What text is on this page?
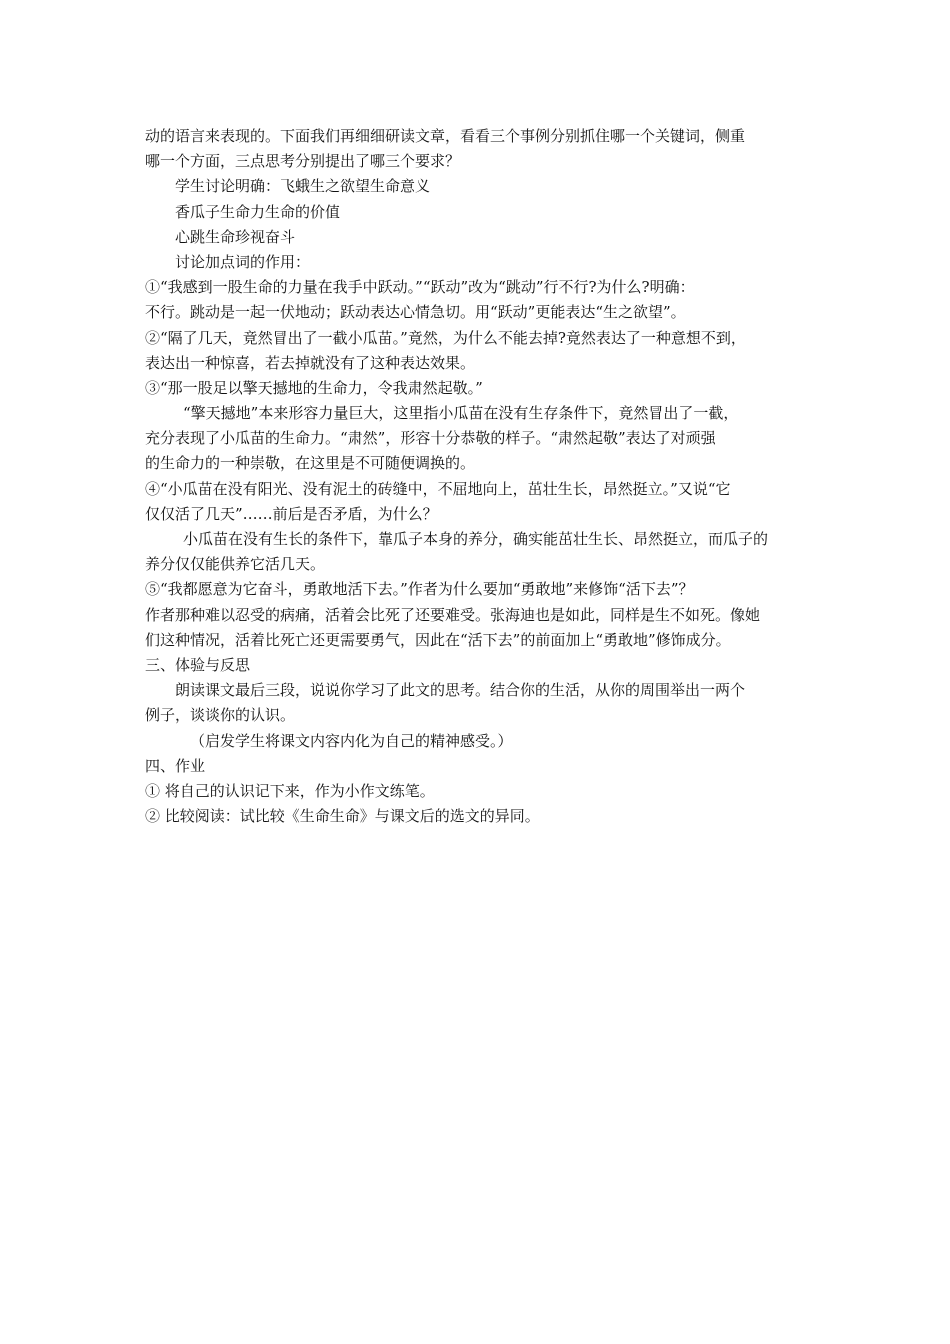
动的语言来表现的。下面我们再细细研读文章，看看三个事例分别抓住哪一个关键词，侧重
哪一个方面，三点思考分别提出了哪三个要求？
学生讨论明确：飞蛾生之欲望生命意义
香瓜子生命力生命的价值
心跳生命珍视奋斗
讨论加点词的作用：
①“我感到一股生命的力量在我手中跃动。”“跃动”改为“跳动”行不行?为什么?明确：
不行。跳动是一起一伏地动；跃动表达心情急切。用“跃动”更能表达“生之欲望”。
②“隔了几天，竟然冒出了一截小瓜苗。”竟然，为什么不能去掉?竟然表达了一种意想不到，
表达出一种惊喜，若去掉就没有了这种表达效果。
③“那一股足以擎天撼地的生命力，令我肃然起敬。”
“擎天撼地”本来形容力量巨大，这里指小瓜苗在没有生存条件下，竟然冒出了一截，
充分表现了小瓜苗的生命力。“肃然”，形容十分恭敬的样子。“肃然起敬”表达了对顽强
的生命力的一种崇敬，在这里是不可随便调换的。
④“小瓜苗在没有阳光、没有泥土的砖缝中，不屈地向上，茁壮生长，昂然挺立。”又说“它
仅仅活了几天”……前后是否矛盾，为什么？
小瓜苗在没有生长的条件下，靠瓜子本身的养分，确实能茁壮生长、昂然挺立，而瓜子的
养分仅仅能供养它活几天。
⑤“我都愿意为它奋斗，勇敢地活下去。”作者为什么要加“勇敢地”来修饰“活下去”？
作者那种难以忍受的病痛，活着会比死了还要难受。张海迪也是如此，同样是生不如死。像她
们这种情况，活着比死亡还更需要勇气，因此在“活下去”的前面加上“勇敢地”修饰成分。
三、体验与反思
朗读课文最后三段，说说你学习了此文的思考。结合你的生活，从你的周围举出一两个
例子，谈谈你的认识。
（启发学生将课文内容内化为自己的精神感受。）
四、作业
① 将自己的认识记下来，作为小作文练笔。
② 比较阅读：试比较《生命生命》与课文后的选文的异同。
